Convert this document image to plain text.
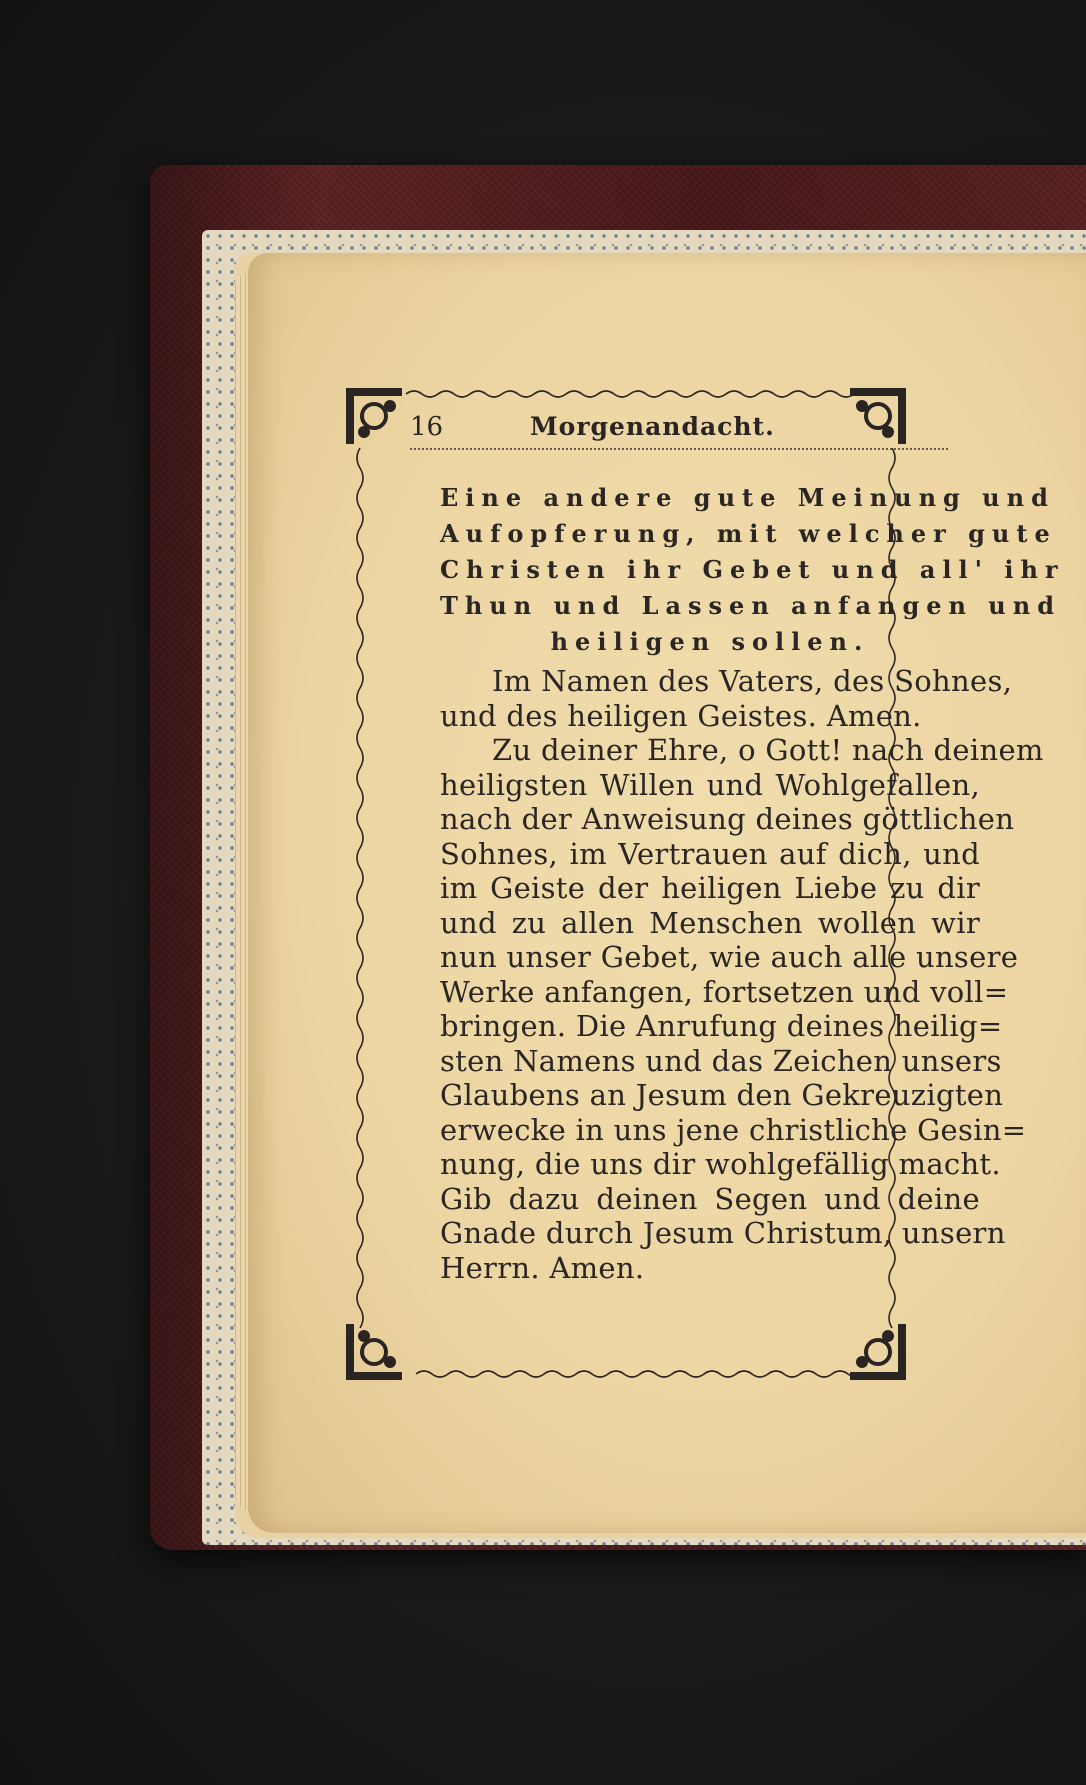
16	Morgenandacht.
Eine andere gute Meinung und
Aufopferung, mit welcher gute
Christen ihr Gebet und all' ihr
Thun und Lassen anfangen und
heiligen sollen.
Im Namen des Vaters, des Sohnes,
und des heiligen Geistes. Amen.
Zu deiner Ehre, o Gott! nach deinem
heiligsten Willen und Wohlgefallen,
nach der Anweisung deines göttlichen
Sohnes, im Vertrauen auf dich, und
im Geiste der heiligen Liebe zu dir
und zu allen Menschen wollen wir
nun unser Gebet, wie auch alle unsere
Werke anfangen, fortsetzen und voll=
bringen. Die Anrufung deines heilig=
sten Namens und das Zeichen unsers
Glaubens an Jesum den Gekreuzigten
erwecke in uns jene christliche Gesin=
nung, die uns dir wohlgefällig macht.
Gib dazu deinen Segen und deine
Gnade durch Jesum Christum, unsern
Herrn. Amen.
